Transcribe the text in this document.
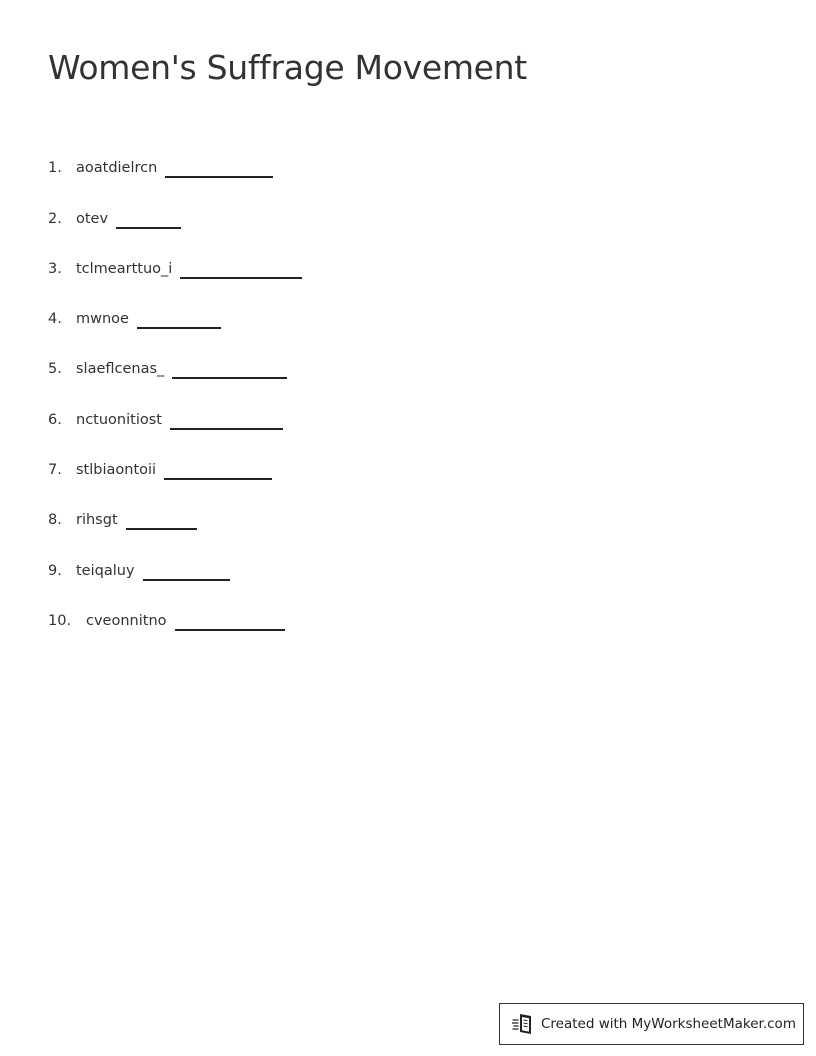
Women's Suffrage Movement
1. aoatdielrcn
2. otev
3. tclmearttuo_i
4. mwnoe
5. slaeflcenas_
6. nctuonitiost
7. stlbiaontoii
8. rihsgt
9. teiqaluy
10.	cveonnitno
Created with MyWorksheetMaker.com
